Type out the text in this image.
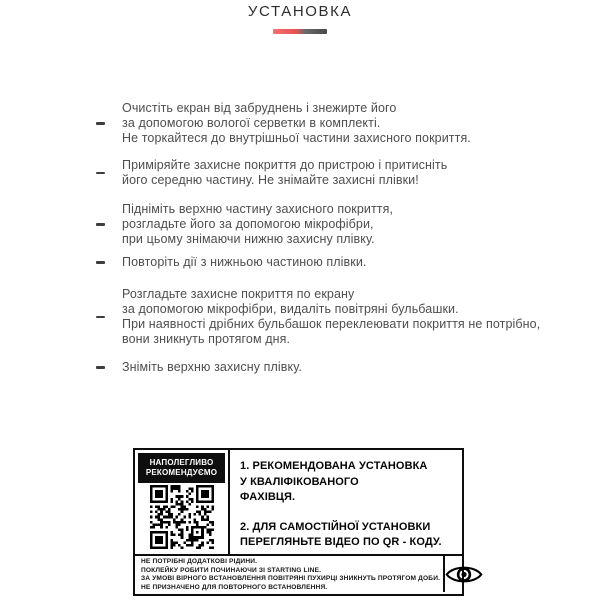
УСТАНОВКА
Очистіть екран від забруднень і знежирте його
за допомогою вологої серветки в комплекті.
Не торкайтеся до внутрішньої частини захисного покриття.
Приміряйте захисне покриття до пристрою і притисніть
його середню частину. Не знімайте захисні плівки!
Підніміть верхню частину захисного покриття,
розгладьте його за допомогою мікрофібри,
при цьому знімаючи нижню захисну плівку.
Повторіть дії з нижньою частиною плівки.
Розгладьте захисне покриття по екрану
за допомогою мікрофібри, видаліть повітряні бульбашки.
При наявності дрібних бульбашок переклеювати покриття не потрібно,
вони зникнуть протягом дня.
Зніміть верхню захисну плівку.
НАПОЛЕГЛИВО
РЕКОМЕНДУЄМО

1. РЕКОМЕНДОВАНА УСТАНОВКА
У КВАЛІФІКОВАНОГО
ФАХІВЦЯ.

2. ДЛЯ САМОСТІЙНОЇ УСТАНОВКИ
ПЕРЕГЛЯНЬТЕ ВІДЕО ПО QR - КОДУ.

НЕ ПОТРІБНІ ДОДАТКОВІ РІДИНИ.
ПОКЛЕЙКУ РОБИТИ ПОЧИНАЮЧИ ЗІ STARTING LINE.
ЗА УМОВІ ВІРНОГО ВСТАНОВЛЕННЯ ПОВІТРЯНІ ПУХИРЦІ ЗНИКНУТЬ ПРОТЯГОМ ДОБИ.
НЕ ПРИЗНАЧЕНО ДЛЯ ПОВТОРНОГО ВСТАНОВЛЕННЯ.
